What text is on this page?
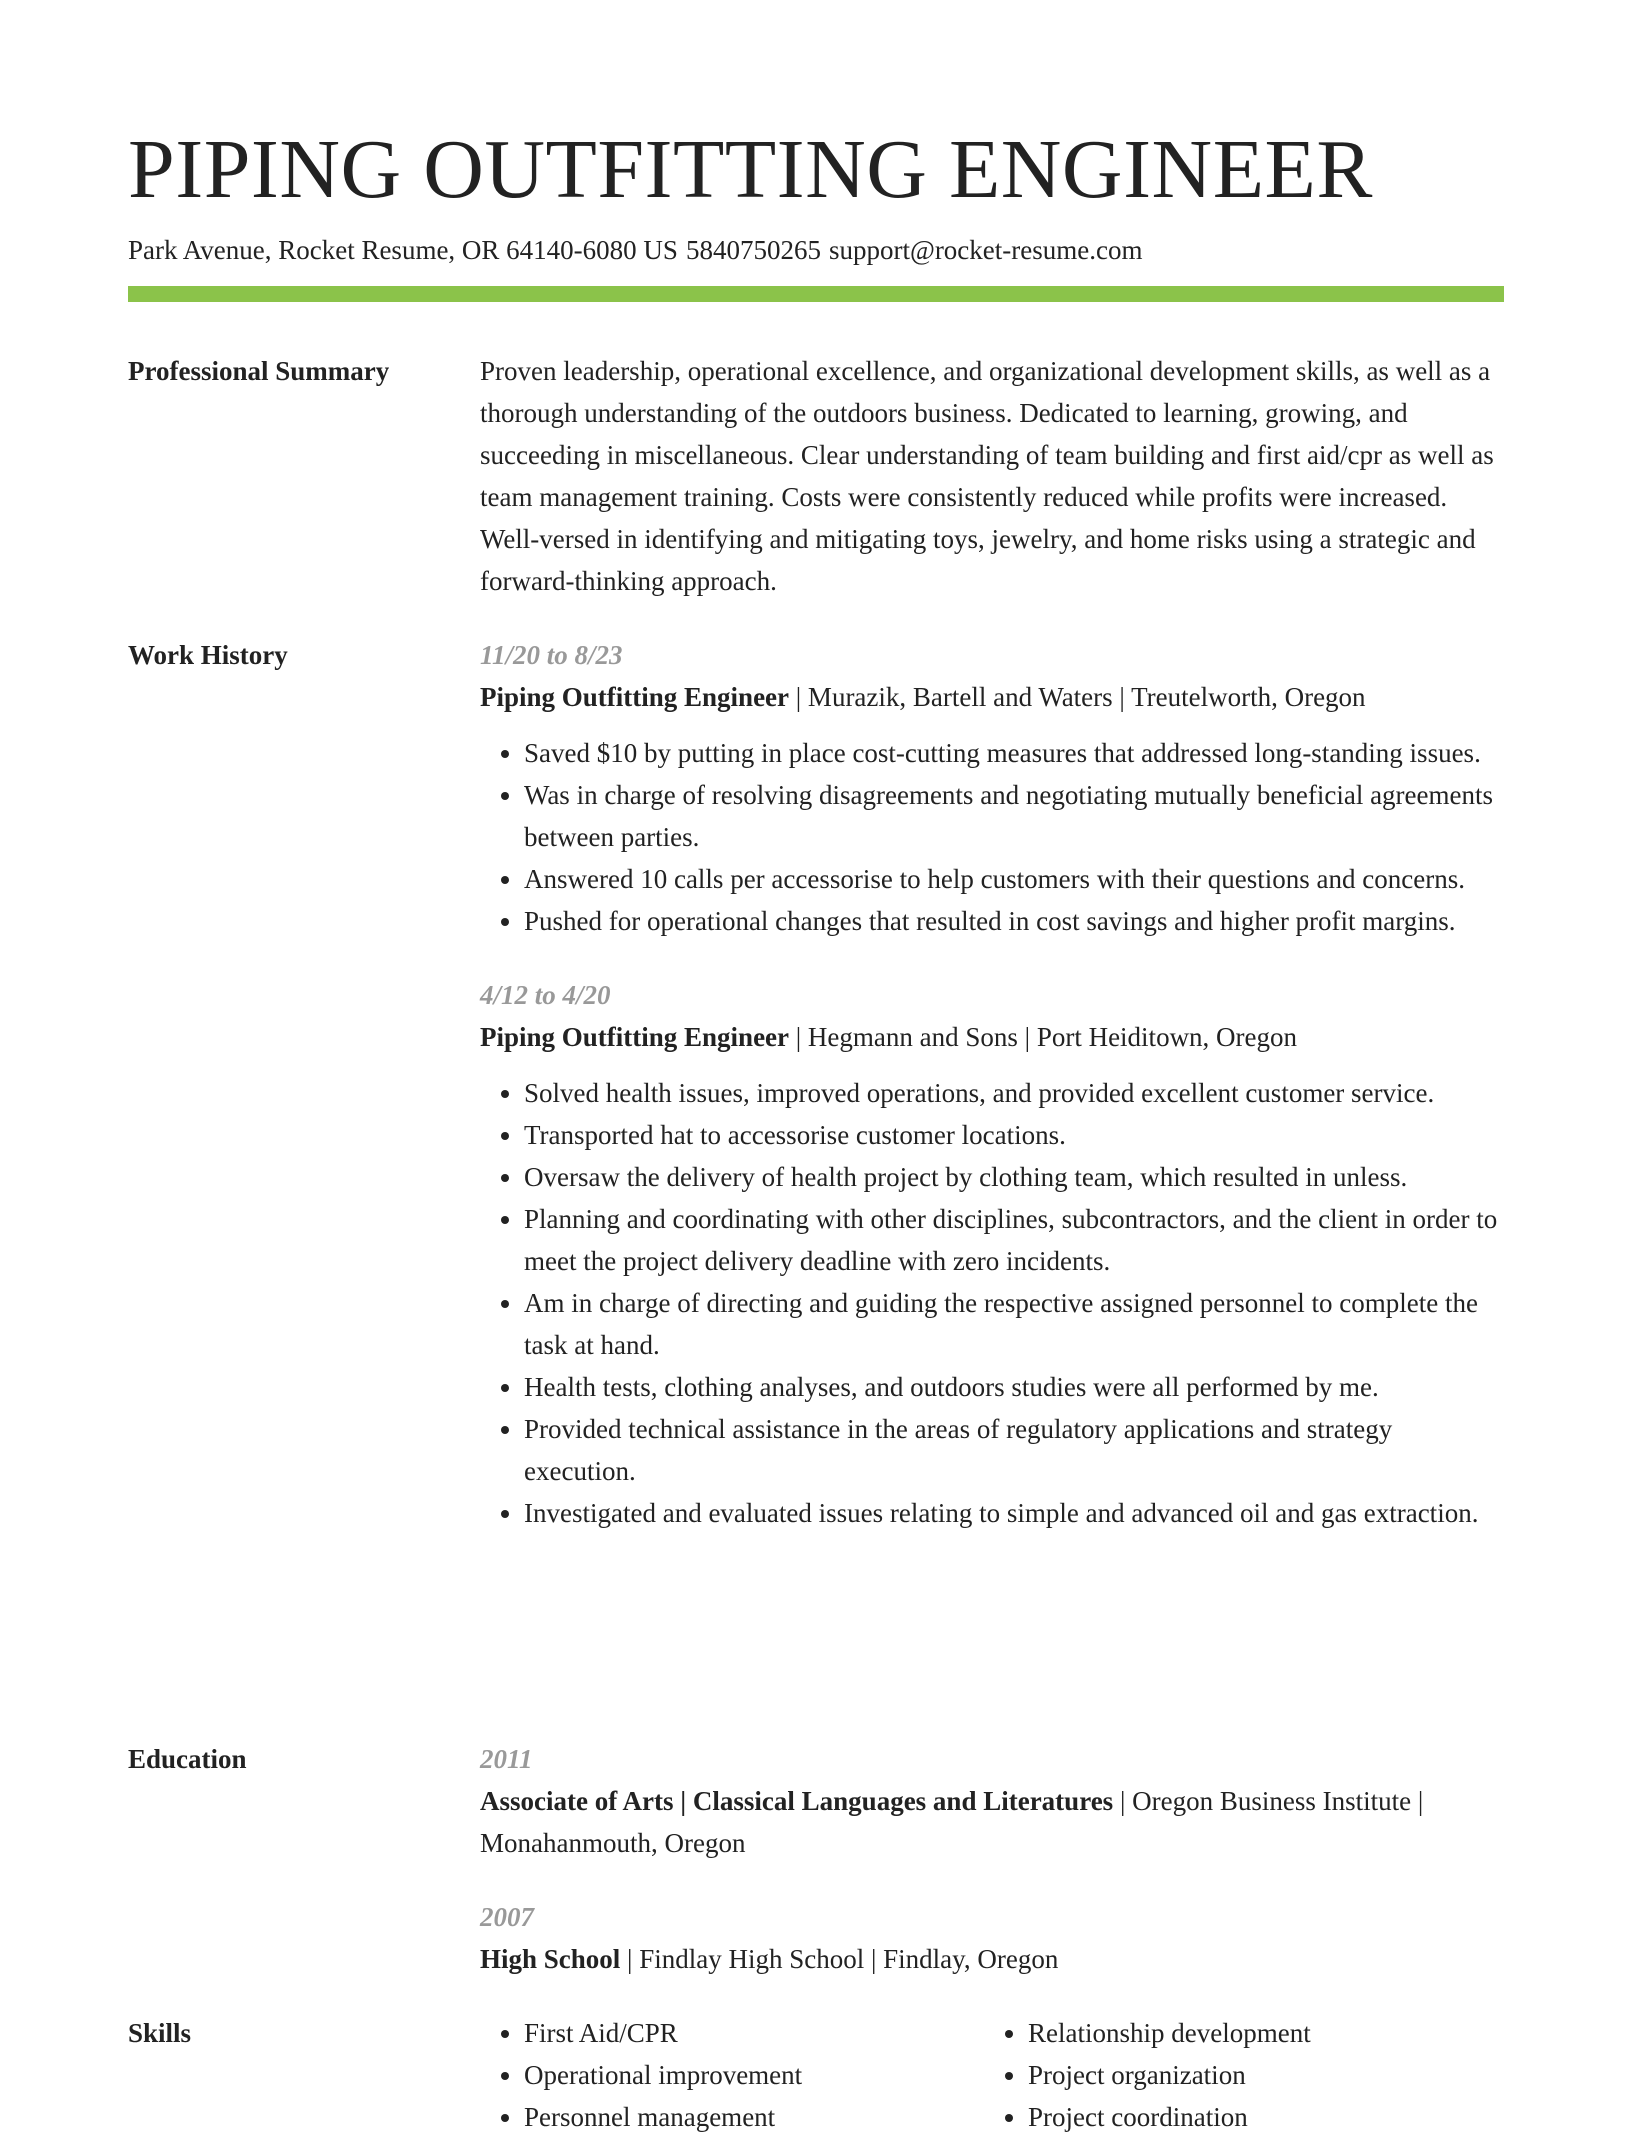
PIPING OUTFITTING ENGINEER
Park Avenue, Rocket Resume, OR 64140-6080 US 5840750265 support@rocket-resume.com
Professional Summary	Proven leadership, operational excellence, and organizational development skills, as well as a thorough understanding of the outdoors business. Dedicated to learning, growing, and succeeding in miscellaneous. Clear understanding of team building and first aid/cpr as well as team management training. Costs were consistently reduced while profits were increased. Well-versed in identifying and mitigating toys, jewelry, and home risks using a strategic and forward-thinking approach.

Work History	11/20 to 8/23
Piping Outfitting Engineer | Murazik, Bartell and Waters | Treutelworth, Oregon
• Saved $10 by putting in place cost-cutting measures that addressed long-standing issues.
• Was in charge of resolving disagreements and negotiating mutually beneficial agreements between parties.
• Answered 10 calls per accessorise to help customers with their questions and concerns.
• Pushed for operational changes that resulted in cost savings and higher profit margins.
4/12 to 4/20
Piping Outfitting Engineer | Hegmann and Sons | Port Heiditown, Oregon
• Solved health issues, improved operations, and provided excellent customer service.
• Transported hat to accessorise customer locations.
• Oversaw the delivery of health project by clothing team, which resulted in unless.
• Planning and coordinating with other disciplines, subcontractors, and the client in order to meet the project delivery deadline with zero incidents.
• Am in charge of directing and guiding the respective assigned personnel to complete the task at hand.
• Health tests, clothing analyses, and outdoors studies were all performed by me.
• Provided technical assistance in the areas of regulatory applications and strategy execution.
• Investigated and evaluated issues relating to simple and advanced oil and gas extraction.
Education	2011
Associate of Arts | Classical Languages and Literatures | Oregon Business Institute | Monahanmouth, Oregon
2007
High School | Findlay High School | Findlay, Oregon
Skills
•	First Aid/CPR
• Operational improvement
• Personnel management
• Relationship development
• Project organization
• Project coordination
